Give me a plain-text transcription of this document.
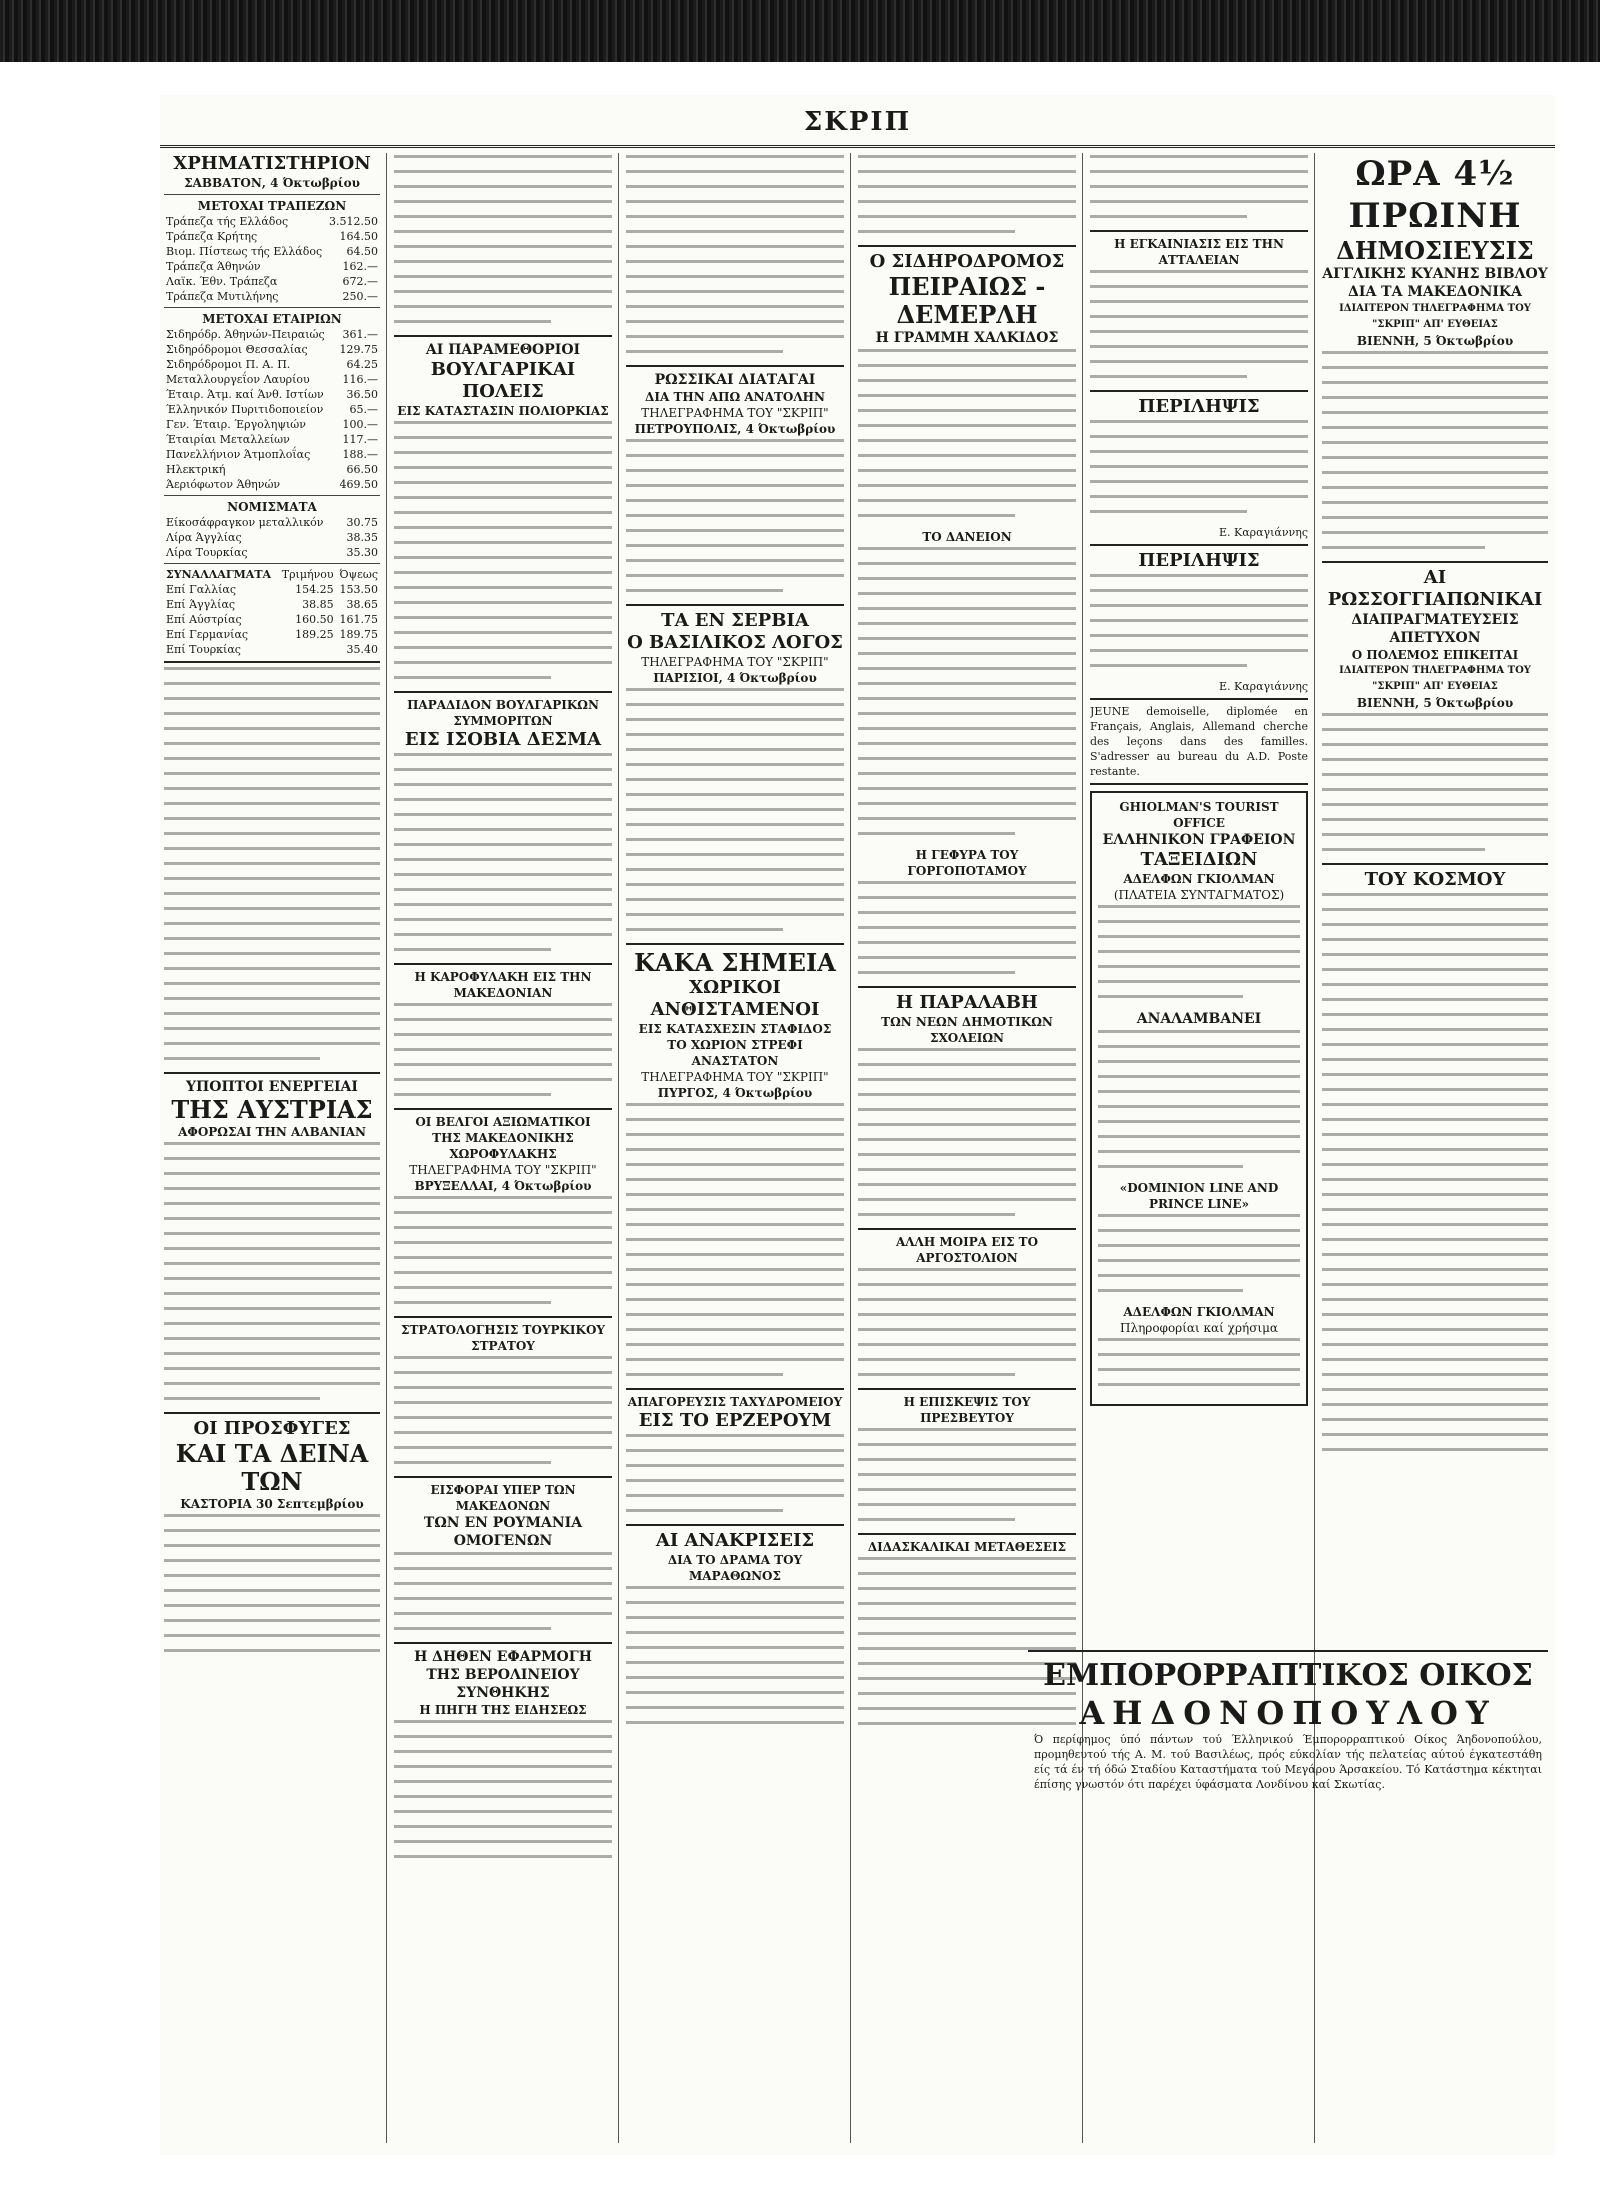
ΣΚΡΙΠ
ΧΡΗΜΑΤΙΣΤΗΡΙΟΝ
ΣΑΒΒΑΤΟΝ, 4 Όκτωβρίου
ΜΕΤΟΧΑΙ ΤΡΑΠΕΖΩΝ
Τράπεζα τής Ελλάδος	3.512.50
Τράπεζα Κρήτης	164.50
Βιομ. Πίστεως τής Ελλάδος	64.50
Τράπεζα Άθηνών	162.—
Λαϊκ. Έθν. Τράπεζα	672.—
Τράπεζα Μυτιλήνης	250.—
ΜΕΤΟΧΑΙ ΕΤΑΙΡΙΩΝ
Σιδηρόδρ. Άθηνών-Πειραιώς	361.—
Σιδηρόδρομοι Θεσσαλίας	129.75
Σιδηρόδρομοι Π. Α. Π.	64.25
Μεταλλουργεΐον Λαυρίου	116.—
Έταιρ. Άτμ. καί Άνθ. Ιστίων	36.50
Έλληνικόν Πυριτιδοποιείον	65.—
Γεν. Έταιρ. Έργοληψιών	100.—
Έταιρίαι Μεταλλείων	117.—
Πανελλήνιον Άτμοπλοΐας	188.—
Ηλεκτρική	66.50
Άεριόφωτον Άθηνών	469.50
ΝΟΜΙΣΜΑΤΑ
Είκοσάφραγκον μεταλλικόν	30.75
Λίρα Άγγλίας	38.35
Λίρα Τουρκίας	35.30
ΣΥΝΑΛΛΑΓΜΑΤΑ	Τριμήνου	Όψεως
Επί Γαλλίας	154.25	153.50
Επί Άγγλίας	38.85	38.65
Επί Αύστρίας	160.50	161.75
Επί Γερμανίας	189.25	189.75
Επί Τουρκίας		35.40
ΥΠΟΠΤΟΙ ΕΝΕΡΓΕΙΑΙ
ΤΗΣ ΑΥΣΤΡΙΑΣ
ΑΦΟΡΩΣΑΙ ΤΗΝ ΑΛΒΑΝΙΑΝ
ΟΙ ΠΡΟΣΦΥΓΕΣ
ΚΑΙ ΤΑ ΔΕΙΝΑ ΤΩΝ
ΚΑΣΤΟΡΙΑ 30 Σεπτεμβρίου
ΑΙ ΠΑΡΑΜΕΘΟΡΙΟΙ
ΒΟΥΛΓΑΡΙΚΑΙ ΠΟΛΕΙΣ
ΕΙΣ ΚΑΤΑΣΤΑΣΙΝ ΠΟΛΙΟΡΚΙΑΣ
ΠΑΡΑΔΙΔΟΝ ΒΟΥΛΓΑΡΙΚΩΝ ΣΥΜΜΟΡΙΤΩΝ
ΕΙΣ ΙΣΟΒΙΑ ΔΕΣΜΑ
Η ΚΑΡΟΦΥΛΑΚΗ ΕΙΣ ΤΗΝ ΜΑΚΕΔΟΝΙΑΝ
ΟΙ ΒΕΛΓΟΙ ΑΞΙΩΜΑΤΙΚΟΙ
ΤΗΣ ΜΑΚΕΔΟΝΙΚΗΣ ΧΩΡΟΦΥΛΑΚΗΣ
ΤΗΛΕΓΡΑΦΗΜΑ ΤΟΥ "ΣΚΡΙΠ"
ΒΡΥΞΕΛΛΑΙ, 4 Όκτωβρίου
ΣΤΡΑΤΟΛΟΓΗΣΙΣ ΤΟΥΡΚΙΚΟΥ ΣΤΡΑΤΟΥ
ΕΙΣΦΟΡΑΙ ΥΠΕΡ ΤΩΝ ΜΑΚΕΔΟΝΩΝ
ΤΩΝ ΕΝ ΡΟΥΜΑΝΙΑ ΟΜΟΓΕΝΩΝ
Η ΔΗΘΕΝ ΕΦΑΡΜΟΓΗ
ΤΗΣ ΒΕΡΟΛΙΝΕΙΟΥ ΣΥΝΘΗΚΗΣ
Η ΠΗΓΗ ΤΗΣ ΕΙΔΗΣΕΩΣ
ΡΩΣΣΙΚΑΙ ΔΙΑΤΑΓΑΙ
ΔΙΑ ΤΗΝ ΑΠΩ ΑΝΑΤΟΛΗΝ
ΤΗΛΕΓΡΑΦΗΜΑ ΤΟΥ "ΣΚΡΙΠ"
ΠΕΤΡΟΥΠΟΛΙΣ, 4 Όκτωβρίου
ΤΑ ΕΝ ΣΕΡΒΙΑ
Ο ΒΑΣΙΛΙΚΟΣ ΛΟΓΟΣ
ΤΗΛΕΓΡΑΦΗΜΑ ΤΟΥ "ΣΚΡΙΠ"
ΠΑΡΙΣΙΟΙ, 4 Όκτωβρίου
ΚΑΚΑ ΣΗΜΕΙΑ
ΧΩΡΙΚΟΙ ΑΝΘΙΣΤΑΜΕΝΟΙ
ΕΙΣ ΚΑΤΑΣΧΕΣΙΝ ΣΤΑΦΙΔΟΣ
ΤΟ ΧΩΡΙΟΝ ΣΤΡΕΦΙ ΑΝΑΣΤΑΤΟΝ
ΤΗΛΕΓΡΑΦΗΜΑ ΤΟΥ "ΣΚΡΙΠ"
ΠΥΡΓΟΣ, 4 Όκτωβρίου
ΑΠΑΓΟΡΕΥΣΙΣ ΤΑΧΥΔΡΟΜΕΙΟΥ
ΕΙΣ ΤΟ ΕΡΖΕΡΟΥΜ
ΑΙ ΑΝΑΚΡΙΣΕΙΣ
ΔΙΑ ΤΟ ΔΡΑΜΑ ΤΟΥ ΜΑΡΑΘΩΝΟΣ
Ο ΣΙΔΗΡΟΔΡΟΜΟΣ
ΠΕΙΡΑΙΩΣ - ΔΕΜΕΡΛΗ
Η ΓΡΑΜΜΗ ΧΑΛΚΙΔΟΣ
ΤΟ ΔΑΝΕΙΟΝ
Η ΓΕΦΥΡΑ ΤΟΥ ΓΟΡΓΟΠΟΤΑΜΟΥ
Η ΠΑΡΑΛΑΒΗ
ΤΩΝ ΝΕΩΝ ΔΗΜΟΤΙΚΩΝ ΣΧΟΛΕΙΩΝ
ΑΛΛΗ ΜΟΙΡΑ ΕΙΣ ΤΟ ΑΡΓΟΣΤΟΛΙΟΝ
Η ΕΠΙΣΚΕΨΙΣ ΤΟΥ ΠΡΕΣΒΕΥΤΟΥ
ΔΙΔΑΣΚΑΛΙΚΑΙ ΜΕΤΑΘΕΣΕΙΣ
Η ΕΓΚΑΙΝΙΑΣΙΣ ΕΙΣ ΤΗΝ ΑΤΤΑΛΕΙΑΝ
ΠΕΡΙΛΗΨΙΣ
Ε. Καραγιάννης
ΠΕΡΙΛΗΨΙΣ
Ε. Καραγιάννης
JEUNE demoiselle, diplomée en Français, Anglais, Allemand cherche des leçons dans des familles. S'adresser au bureau du A.D. Poste restante.
GHIOLMAN'S TOURIST OFFICE
ΕΛΛΗΝΙΚΟΝ ΓΡΑΦΕΙΟΝ
ΤΑΞΕΙΔΙΩΝ
ΑΔΕΛΦΩΝ ΓΚΙΟΛΜΑΝ
(ΠΛΑΤΕΙΑ ΣΥΝΤΑΓΜΑΤΟΣ)
ΑΝΑΛΑΜΒΑΝΕΙ
«DOMINION LINE AND PRINCE LINE»
ΑΔΕΛΦΩΝ ΓΚΙΟΛΜΑΝ
Πληροφορίαι καί χρήσιμα
ΩΡΑ 4½ ΠΡΩΙΝΗ
ΔΗΜΟΣΙΕΥΣΙΣ
ΑΓΓΛΙΚΗΣ ΚΥΑΝΗΣ ΒΙΒΛΟΥ
ΔΙΑ ΤΑ ΜΑΚΕΔΟΝΙΚΑ
ΙΔΙΑΙΤΕΡΟΝ ΤΗΛΕΓΡΑΦΗΜΑ ΤΟΥ "ΣΚΡΙΠ" ΑΠ' ΕΥΘΕΙΑΣ
ΒΙΕΝΝΗ, 5 Όκτωβρίου
ΑΙ ΡΩΣΣΟΓΓΙΑΠΩΝΙΚΑΙ
ΔΙΑΠΡΑΓΜΑΤΕΥΣΕΙΣ ΑΠΕΤΥΧΟΝ
Ο ΠΟΛΕΜΟΣ ΕΠΙΚΕΙΤΑΙ
ΙΔΙΑΙΤΕΡΟΝ ΤΗΛΕΓΡΑΦΗΜΑ ΤΟΥ "ΣΚΡΙΠ" ΑΠ' ΕΥΘΕΙΑΣ
ΒΙΕΝΝΗ, 5 Όκτωβρίου
ΤΟΥ ΚΟΣΜΟΥ
ΕΜΠΟΡΟΡΡΑΠΤΙΚΟΣ ΟΙΚΟΣ
ΑΗΔΟΝΟΠΟΥΛΟΥ
Ό περίφημος ύπό πάντων τού Έλληνικού Έμπορορραπτικού Οίκος Άηδονοπούλου, προμηθευτού τής Α. Μ. τού Βασιλέως, πρός εύκολίαν τής πελατείας αύτού έγκατεστάθη είς τά έν τή όδώ Σταδίου Καταστήματα τού Μεγάρου Άρσακείου. Τό Κατάστημα κέκτηται έπίσης γνωστόν ότι παρέχει ύφάσματα Λονδίνου καί Σκωτίας.
